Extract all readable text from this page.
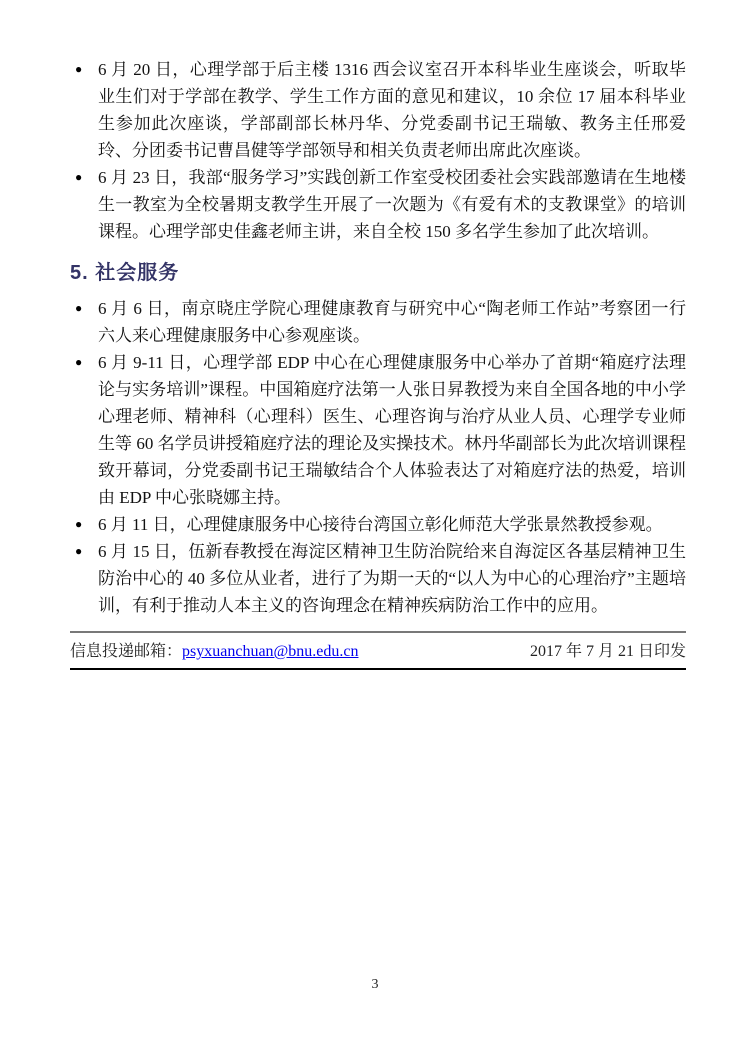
● 6 月 20 日，心理学部于后主楼 1316 西会议室召开本科毕业生座谈会，听取毕业生们对于学部在教学、学生工作方面的意见和建议，10 余位 17 届本科毕业生参加此次座谈，学部副部长林丹华、分党委副书记王瑞敏、教务主任邢爱玲、分团委书记曹昌健等学部领导和相关负责老师出席此次座谈。
● 6 月 23 日，我部“服务学习”实践创新工作室受校团委社会实践部邀请在生地楼生一教室为全校暑期支教学生开展了一次题为《有爱有术的支教课堂》的培训课程。心理学部史佳鑫老师主讲，来自全校 150 多名学生参加了此次培训。
5. 社会服务
● 6 月 6 日，南京晓庄学院心理健康教育与研究中心“陶老师工作站”考察团一行六人来心理健康服务中心参观座谈。
● 6 月 9-11 日，心理学部 EDP 中心在心理健康服务中心举办了首期“箱庭疗法理论与实务培训”课程。中国箱庭疗法第一人张日昇教授为来自全国各地的中小学心理老师、精神科（心理科）医生、心理咨询与治疗从业人员、心理学专业师生等 60 名学员讲授箱庭疗法的理论及实操技术。林丹华副部长为此次培训课程致开幕词，分党委副书记王瑞敏结合个人体验表达了对箱庭疗法的热爱，培训由 EDP 中心张晓娜主持。
● 6 月 11 日，心理健康服务中心接待台湾国立彰化师范大学张景然教授参观。
● 6 月 15 日，伍新春教授在海淀区精神卫生防治院给来自海淀区各基层精神卫生防治中心的 40 多位从业者，进行了为期一天的“以人为中心的心理治疗”主题培训，有利于推动人本主义的咨询理念在精神疾病防治工作中的应用。
信息投递邮箱：psyxuanchuan@bnu.edu.cn	2017 年 7 月 21 日印发
3
